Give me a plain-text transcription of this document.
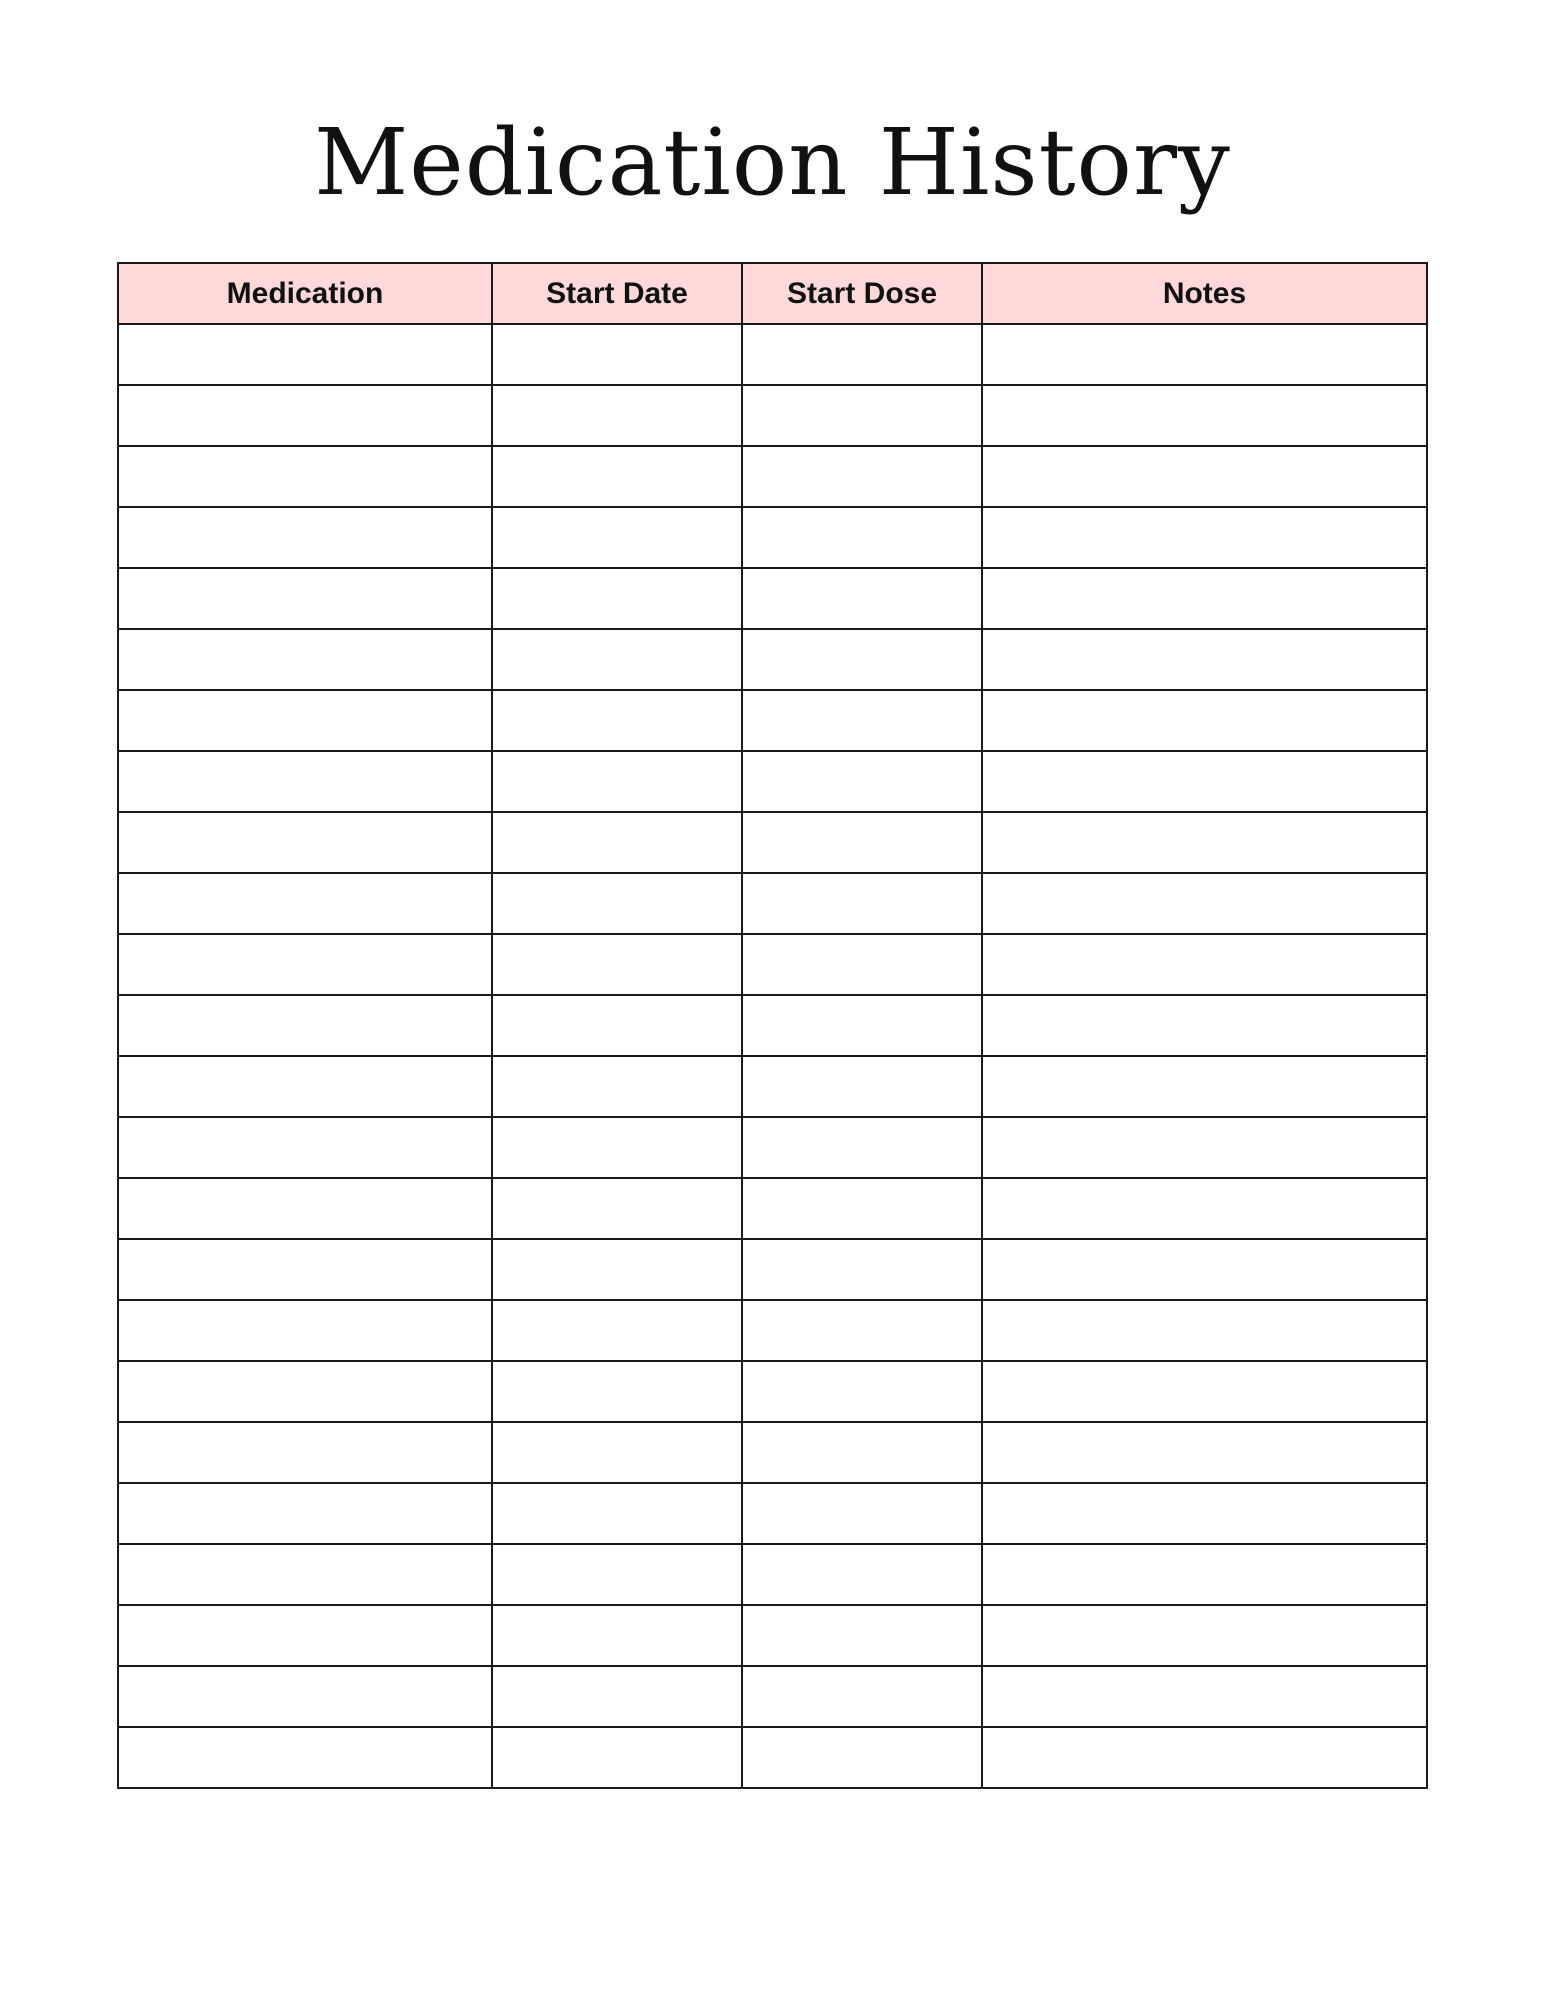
Medication History
Medication	Start Date	Start Dose	Notes
